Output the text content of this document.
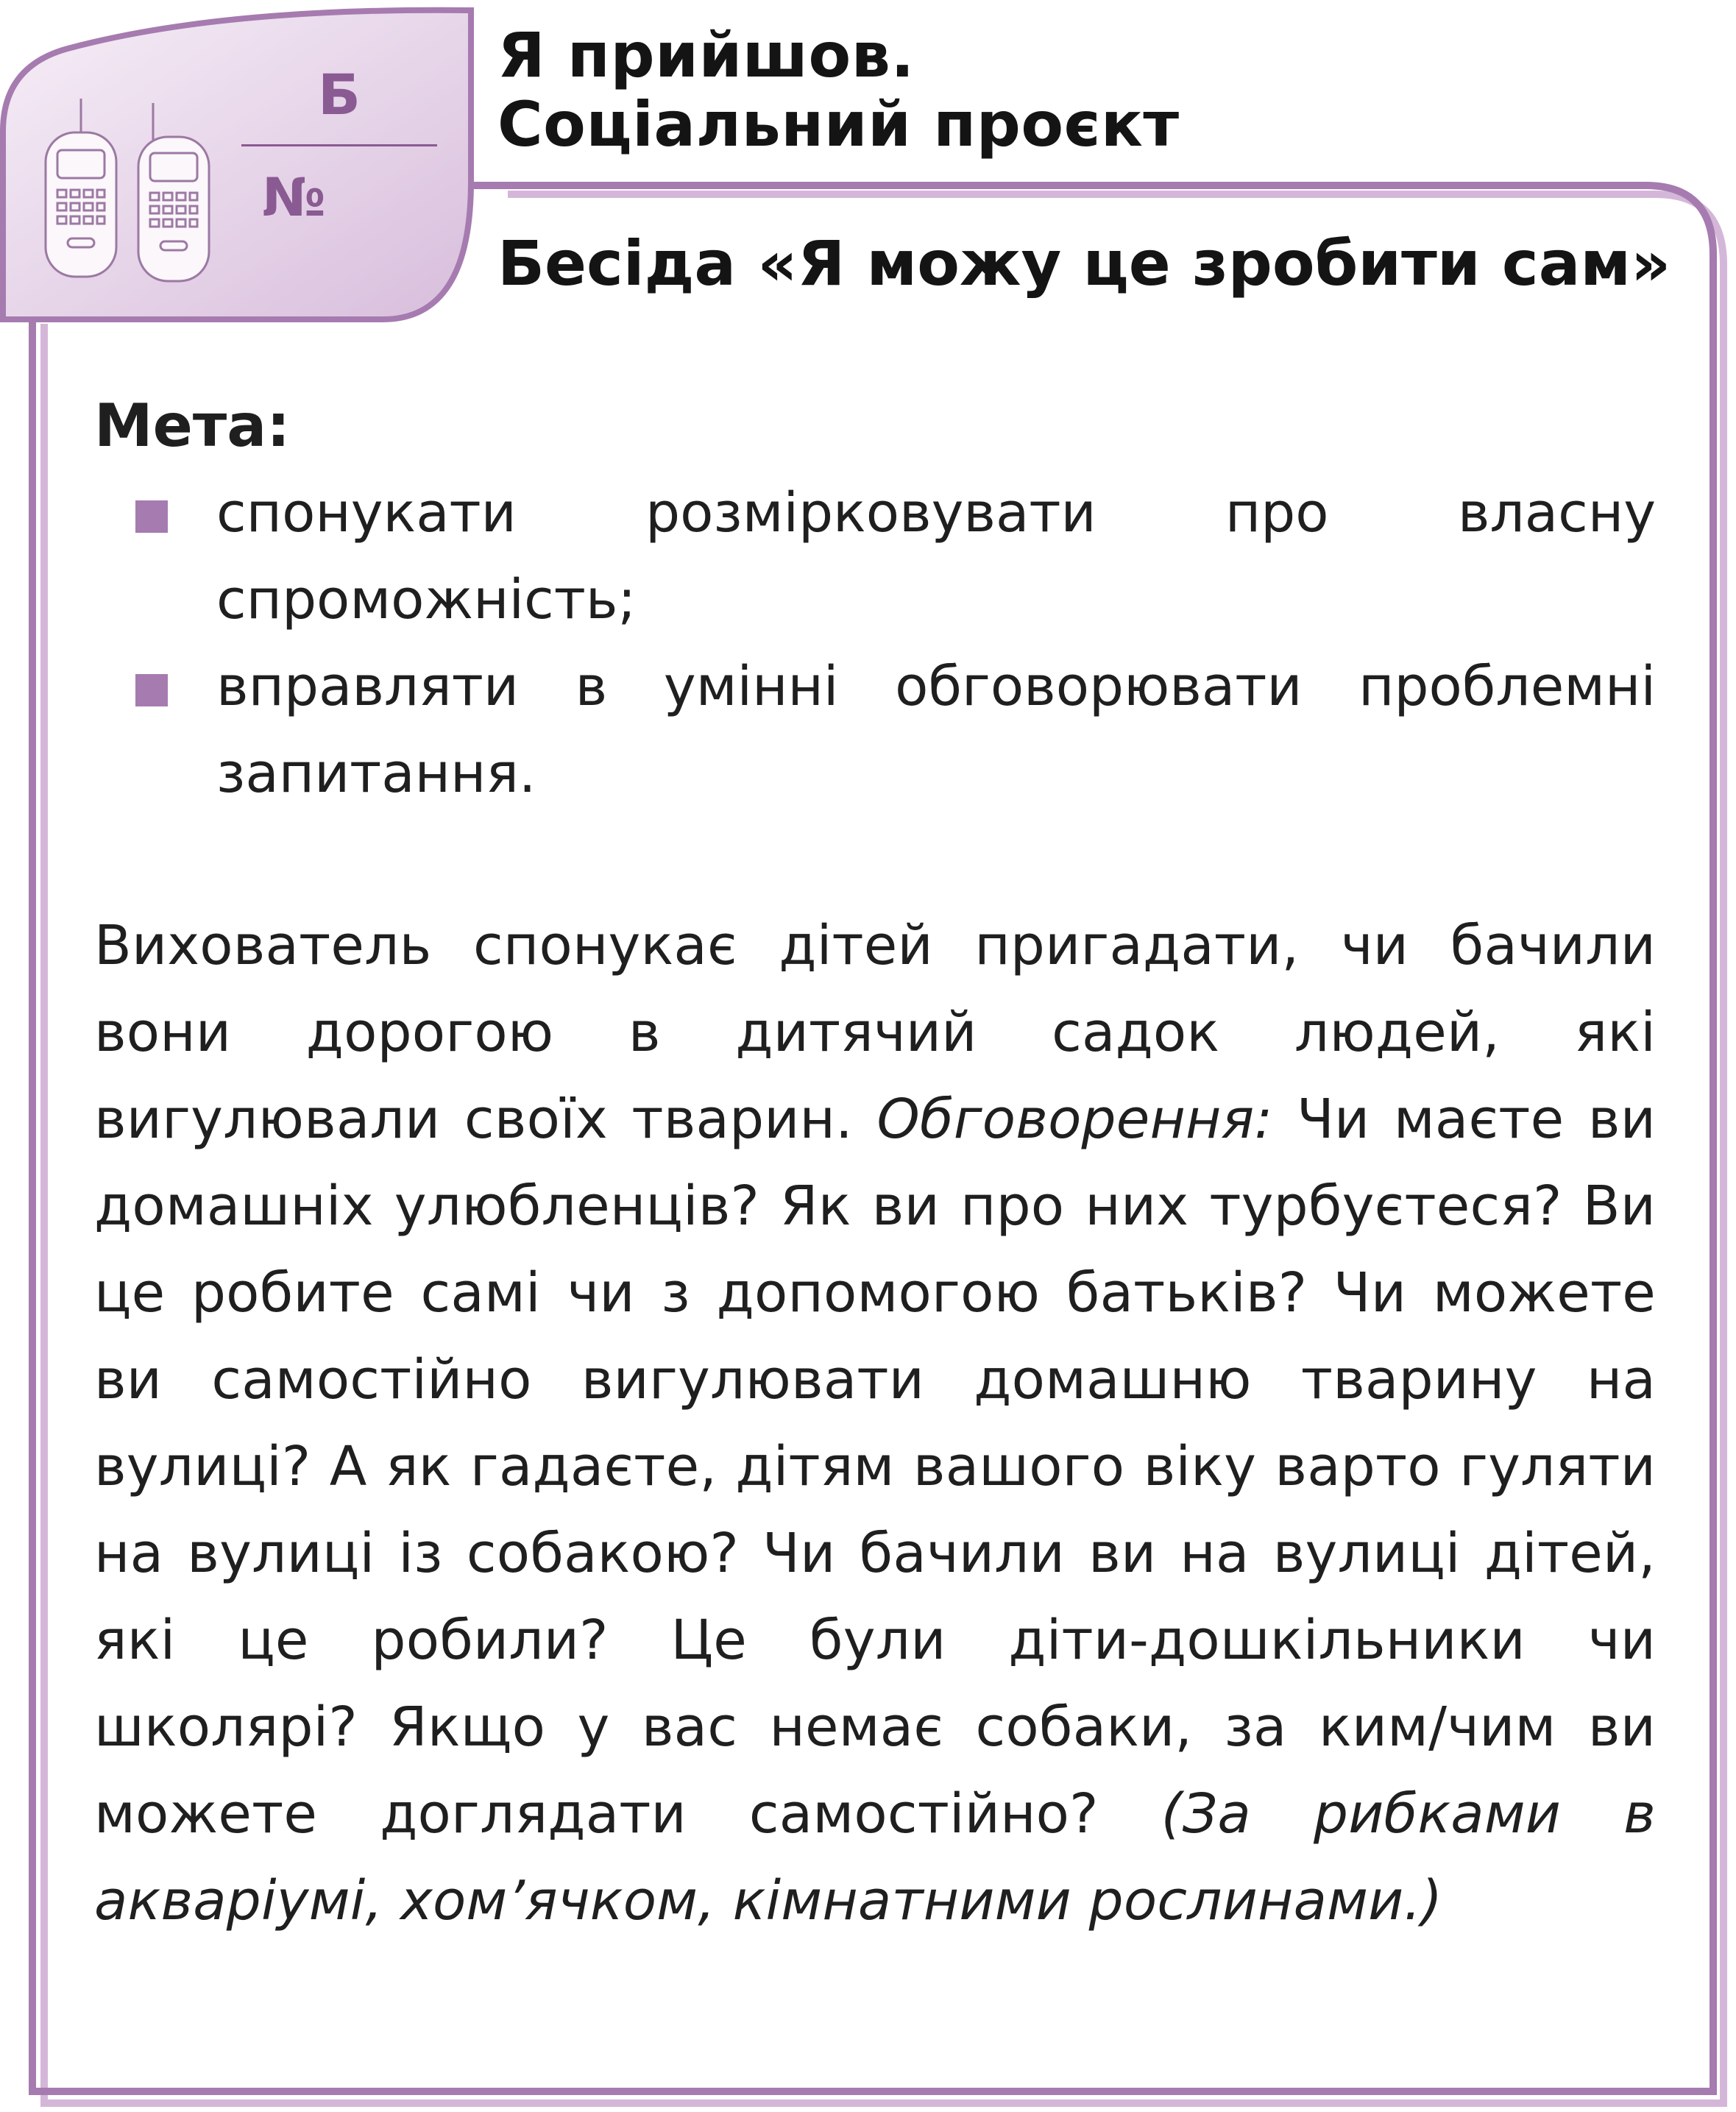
Б
№
Я прийшов.
Соціальний проєкт
Бесіда «Я можу це зробити сам»

Мета:

спонукати розмірковувати про власну спроможність;
вправляти в умінні обговорювати проблемні запитання.

Вихователь спонукає дітей пригадати, чи бачили вони дорогою в дитячий садок людей, які вигулювали своїх тварин. Обговорення: Чи маєте ви домашніх улюбленців? Як ви про них турбуєтеся? Ви це робите самі чи з допомогою батьків? Чи можете ви самостійно вигулювати домашню тварину на вулиці? А як гадаєте, дітям вашого віку варто гуляти на вулиці із собакою? Чи бачили ви на вулиці дітей, які це робили? Це були діти-дошкільники чи школярі? Якщо у вас немає собаки, за ким/чим ви можете доглядати самостійно? (За рибками в акваріумі, хом’ячком, кімнатними рослинами.)
